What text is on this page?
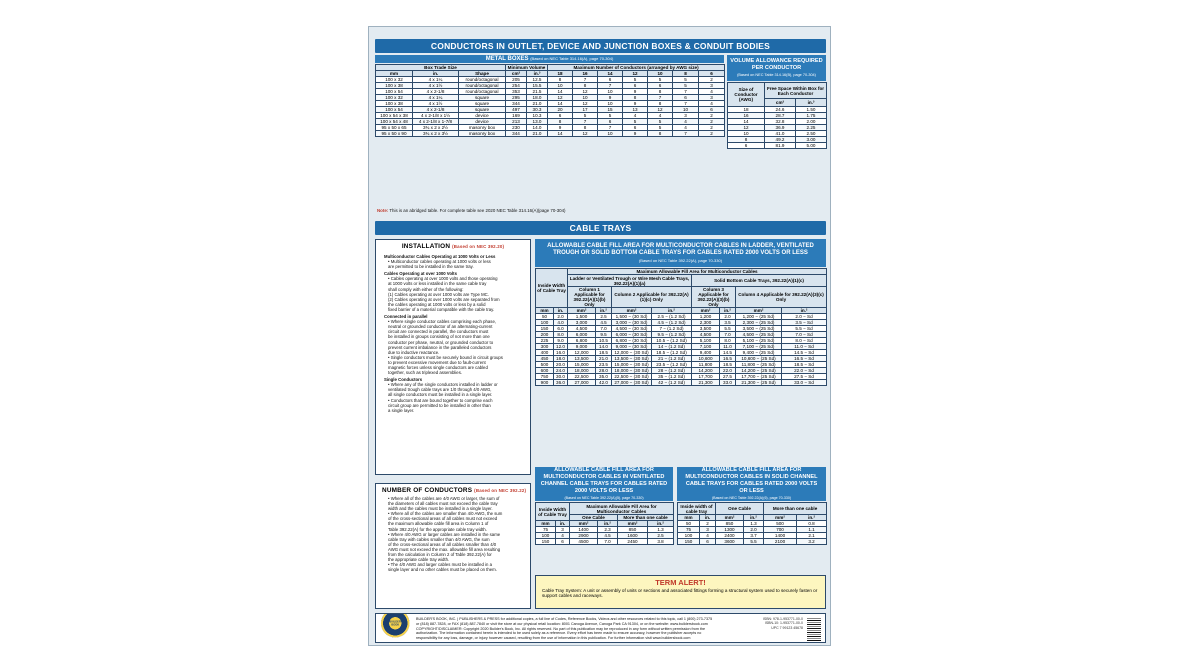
CONDUCTORS IN OUTLET, DEVICE AND JUNCTION BOXES & CONDUIT BODIES
METAL BOXES (Based on NEC Table 314.16(A), page 70-304)
Box Trade Size			Minimum Volume		Maximum Number of Conductors (arranged by AWG size)						
mm	in.	Shape	cm³	in.³	18	16	14	12	10	8	6
100 x 32	4 x 1¼	round/octagonal	205	12.5	8	7	6	5	5	5	2
100 x 38	4 x 1½	round/octagonal	254	15.5	10	8	7	6	6	5	3
100 x 54	4 x 2-1/8	round/octagonal	353	21.5	14	12	10	9	8	7	4
100 x 32	4 x 1¼	square	295	18.0	12	10	9	8	7	6	3
100 x 38	4 x 1½	square	344	21.0	14	12	10	9	8	7	4
100 x 54	4 x 2-1/8	square	497	30.3	20	17	15	13	12	10	6
100 x 54 x 38	4 x 2-1/8 x 1½	device	169	10.3	6	5	5	4	4	3	2
100 x 54 x 48	4 x 2-1/8 x 1-7/8	device	213	13.0	8	7	6	5	5	4	2
95 x 50 x 65	3¾ x 2 x 2½	masonry box	230	14.0	9	8	7	6	5	4	2
95 x 50 x 90	3¾ x 2 x 3½	masonry box	344	21.0	14	12	10	9	8	7	2
Note: This is an abridged table. For complete table see 2020 NEC Table 314.16(A)(page 70-304)
VOLUME ALLOWANCE REQUIRED PER CONDUCTOR
(Based on NEC Table 314.16(B), page 70-304)
Size of Conductor (AWG)	Free Space Within Box for Each Conductor	
	cm³	in.³
18	24.6	1.50
16	28.7	1.75
14	32.8	2.00
12	36.9	2.25
10	41.0	2.50
8	49.2	3.00
6	81.9	5.00
CABLE TRAYS
INSTALLATION (Based on NEC 392.20)
Multiconductor Cables Operating at 1000 Volts or Less
• Multiconductor cables operating at 1000 volts or less
are permitted to be installed in the same tray.
Cables Operating at over 1000 Volts
• Cables operating at over 1000 volts and those operating
at 1000 volts or less installed in the same cable tray
shall comply with either of the following:
(1) Cables operating at over 1000 volts are Type MC.
(2) Cables operating at over 1000 volts are separated from
the cables operating at 1000 volts or less by a solid
fixed barrier of a material compatible with the cable tray.
Connected in parallel
• Where single conductor cables comprising each phase,
neutral or grounded conductor of an alternating-current
circuit are connected in parallel, the conductors must
be installed in groups consisting of not more than one
conductor per phase, neutral, or grounded conductor to
prevent current imbalance in the paralleled conductors
due to inductive reactance.
• Single conductors must be securely bound in circuit groups
to prevent excessive movement due to fault-current
magnetic forces unless single conductors are cabled
together, such as triplexed assemblies.
Single Conductors
• Where any of the single conductors installed in ladder or
ventilated trough cable trays are 1/0 through 4/0 AWG,
all single conductors must be installed in a single layer.
• Conductors that are bound together to comprise each
circuit group are permitted to be installed in other than
a single layer.
NUMBER OF CONDUCTORS (Based on NEC 392.22)
• Where all of the cables are 4/0 AWG or larger, the sum of
the diameters of all cables must not exceed the cable tray
width and the cables must be installed in a single layer.
• Where all of the cables are smaller than 4/0 AWG, the sum
of the cross-sectional areas of all cables must not exceed
the maximum allowable cable fill area in Column 1 of
Table 392.22(A) for the appropriate cable tray width.
• Where 4/0 AWG or larger cables are installed in the same
cable tray with cables smaller than 4/0 AWG, the sum
of the cross-sectional areas of all cables smaller than 4/0
AWG must not exceed the max. allowable fill area resulting
from the calculation in Column 2 of Table 392.22(A) for
the appropriate cable tray width.
• The 4/0 AWG and larger cables must be installed in a
single layer and no other cables must be placed on them.
ALLOWABLE CABLE FILL AREA FOR MULTICONDUCTOR CABLES IN LADDER, VENTILATED TROUGH OR SOLID BOTTOM CABLE TRAYS FOR CABLES RATED 2000 VOLTS OR LESS
(Based on NEC Table 392.22(A), page 70-330)
Inside Width of Cable Tray		Maximum Allowable Fill Area for Multiconductor Cables							
		Ladder or Ventilated Trough or Wire Mesh Cable Trays, 392.22(A)(1)(a)				Solid Bottom Cable Trays, 392.22(A)(1)(c)			
		Column 1 Applicable for 392.22(A)(1)(b) Only		Column 2 Applicable for 392.22(A)(1)(c) Only		Column 3 Applicable for 392.22(A)(3)(b) Only		Column 4 Applicable for 392.22(A)(3)(c) Only	
mm	in.	mm²	in.²	mm²	in.²	mm²	in.²	mm²	in.²
50	2.0	1,500	2.5	1,500 − (30 Sd)	2.5 − (1.2 Sd)	1,200	2.0	1,200 − (25 Sd)	2.0 − Sd
100	4.0	3,000	4.5	3,000 − (30 Sd)	4.5 − (1.2 Sd)	2,300	3.5	2,300 − (25 Sd)	3.5 − Sd
150	6.0	4,500	7.0	4,500 − (30 Sd)	7 − (1.2 Sd)	3,500	5.5	3,500 − (25 Sd)	5.5 − Sd
200	8.0	6,000	9.5	6,000 − (30 Sd)	9.5 − (1.2 Sd)	4,500	7.0	4,500 − (25 Sd)	7.0 − Sd
225	9.0	6,800	10.5	6,800 − (30 Sd)	10.5 − (1.2 Sd)	5,100	8.0	5,100 − (25 Sd)	8.0 − Sd
300	12.0	9,000	14.0	9,000 − (30 Sd)	14 − (1.2 Sd)	7,100	11.0	7,100 − (25 Sd)	11.0 − Sd
400	16.0	12,000	18.5	12,000 − (30 Sd)	18.5 − (1.2 Sd)	9,400	14.5	9,400 − (25 Sd)	14.5 − Sd
450	18.0	13,500	21.0	13,500 − (30 Sd)	21 − (1.2 Sd)	10,600	16.5	10,600 − (25 Sd)	16.5 − Sd
500	20.0	15,000	23.5	15,000 − (30 Sd)	23.5 − (1.2 Sd)	11,800	18.5	11,800 − (25 Sd)	18.5 − Sd
600	24.0	18,000	28.0	18,000 − (30 Sd)	28 − (1.2 Sd)	14,200	22.0	14,200 − (25 Sd)	22.0 − Sd
750	30.0	22,500	35.0	22,500 − (30 Sd)	35 − (1.2 Sd)	17,700	27.5	17,700 − (25 Sd)	27.5 − Sd
900	36.0	27,000	42.0	27,000 − (30 Sd)	42 − (1.2 Sd)	21,300	33.0	21,300 − (25 Sd)	33.0 − Sd
ALLOWABLE CABLE FILL AREA FOR MULTICONDUCTOR CABLES IN VENTILATED CHANNEL CABLE TRAYS FOR CABLES RATED 2000 VOLTS OR LESS
(Based on NEC Table 392.22(A)(5), page 70-330)
Inside Width of Cable Tray		Maximum Allowable Fill Area for Multiconductor Cables			
		One Cable		More than one cable	
mm	in.	mm²	in.²	mm²	in.²
75	3	1400	2.3	850	1.3
100	4	2900	4.5	1600	2.5
150	6	4500	7.0	2450	3.8
ALLOWABLE CABLE FILL AREA FOR MULTICONDUCTOR CABLES IN SOLID CHANNEL CABLE TRAYS FOR CABLES RATED 2000 VOLTS OR LESS
(Based on NEC Table 392.22(A)(6), page 70-330)
Inside width of cable tray		One Cable		More than one cable	
mm	in.	mm²	in.²	mm²	in.²
50	2	850	1.3	500	0.8
75	3	1300	2.0	700	1.1
100	4	2400	3.7	1400	2.1
150	6	3600	5.5	2100	3.2
TERM ALERT!
Cable Tray System: A unit or assembly of units or sections and associated fittings forming a structural system used to securely fasten or support cables and raceways.
BUILDER'S BOOK
BUILDER'S BOOK, INC. | PUBLISHERS & PRESS for additional copies, a full line of Codes, Reference Books, Videos and other resources related to this topic, call 1 (800) 273-7375
or (818) 887-7828, or FAX (818) 887-7840 or visit the store at our physical retail location: 8001 Canoga Avenue, Canoga Park CA 91304, or on the website: www.buildersbook.com
COPYRIGHT/DISCLAIMER: Copyright 2020 Builder's Book, Inc. All rights reserved. No part of this publication may be reproduced in any form without written permission from the
authorization. The information contained herein is intended to be used solely as a reference. Every effort has been made to ensure accuracy, however the publisher accepts no
responsibility for any loss, damage, or injury however caused, resulting from the use of information in this publication. For further information visit www.buildersbook.com
ISBN: 978-1-953771-00-0
ISBN-10: 1-953771-00-0
UPC 7 99123 45678
